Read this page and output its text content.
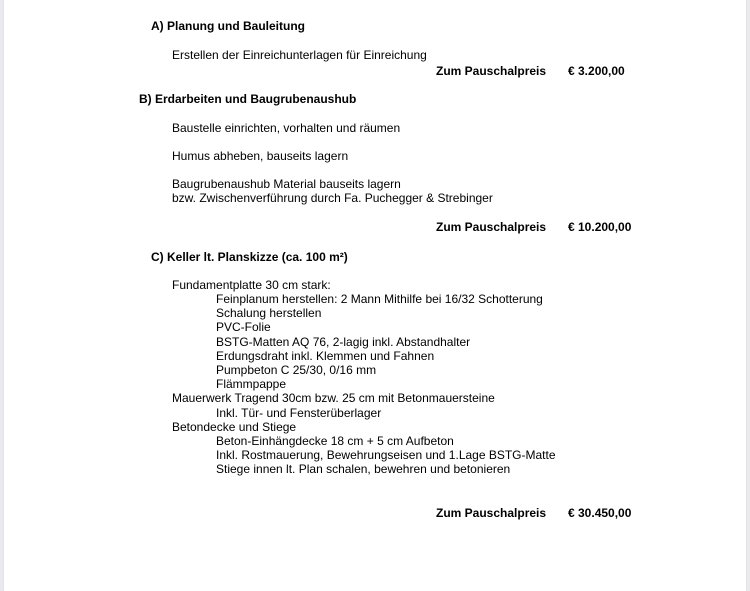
A) Planung und Bauleitung
Erstellen der Einreichunterlagen für Einreichung
Zum Pauschalpreis € 3.200,00
B) Erdarbeiten und Baugrubenaushub
Baustelle einrichten, vorhalten und räumen
Humus abheben, bauseits lagern
Baugrubenaushub Material bauseits lagern
bzw. Zwischenverführung durch Fa. Puchegger & Strebinger
Zum Pauschalpreis € 10.200,00
C) Keller lt. Planskizze (ca. 100 m²)
Fundamentplatte 30 cm stark:
Feinplanum herstellen: 2 Mann Mithilfe bei 16/32 Schotterung
Schalung herstellen
PVC-Folie
BSTG-Matten AQ 76, 2-lagig inkl. Abstandhalter
Erdungsdraht inkl. Klemmen und Fahnen
Pumpbeton C 25/30, 0/16 mm
Flämmpappe
Mauerwerk Tragend 30cm bzw. 25 cm mit Betonmauersteine
Inkl. Tür- und Fensterüberlager
Betondecke und Stiege
Beton-Einhängdecke 18 cm + 5 cm Aufbeton
Inkl. Rostmauerung, Bewehrungseisen und 1.Lage BSTG-Matte
Stiege innen lt. Plan schalen, bewehren und betonieren
Zum Pauschalpreis € 30.450,00
